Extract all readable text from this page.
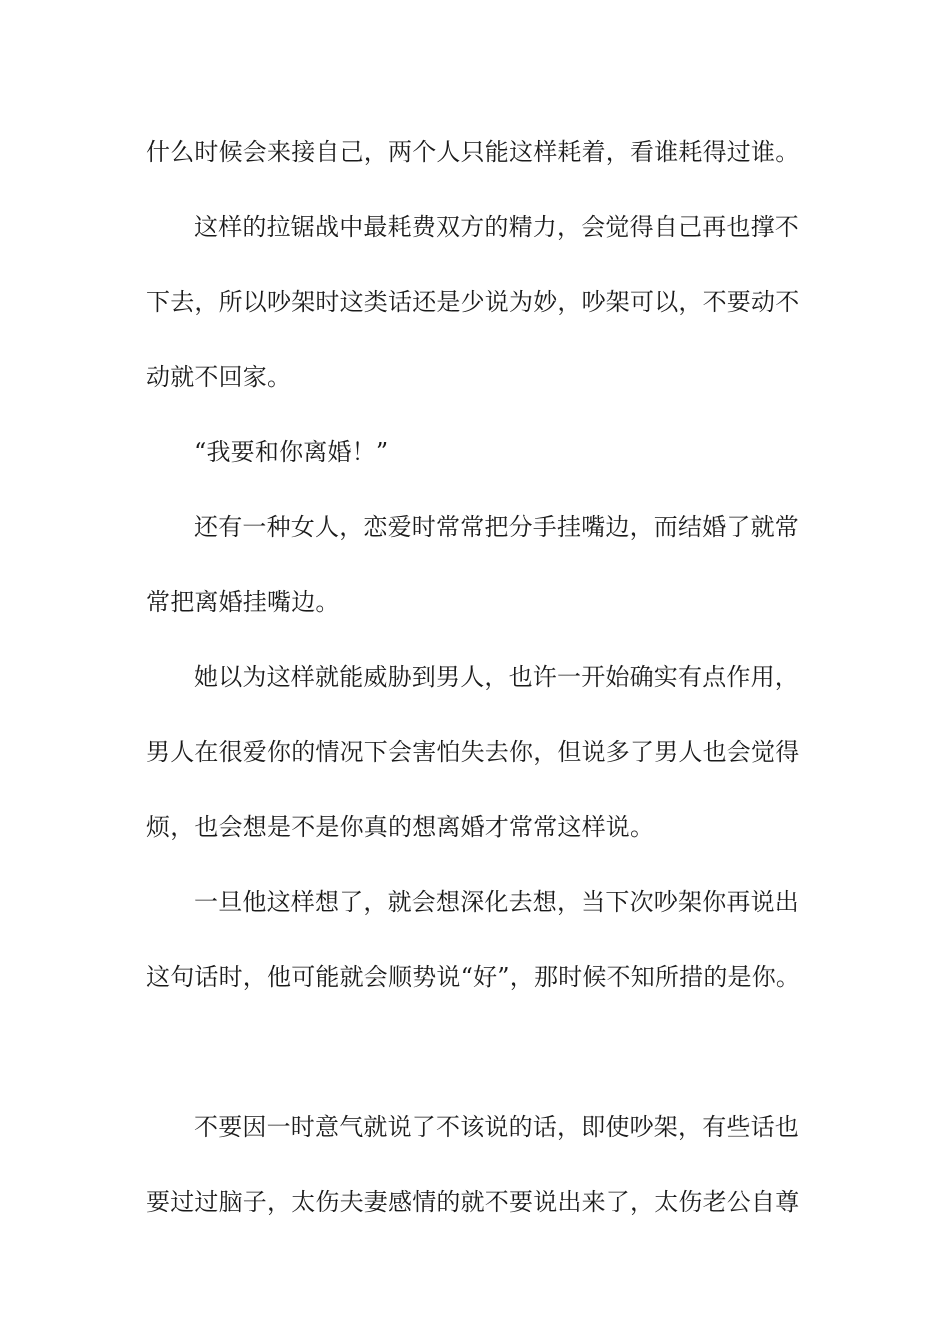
什么时候会来接自己，两个人只能这样耗着，看谁耗得过谁。
这样的拉锯战中最耗费双方的精力，会觉得自己再也撑不
下去，所以吵架时这类话还是少说为妙，吵架可以，不要动不
动就不回家。
“我要和你离婚！”
还有一种女人，恋爱时常常把分手挂嘴边，而结婚了就常
常把离婚挂嘴边。
她以为这样就能威胁到男人，也许一开始确实有点作用，
男人在很爱你的情况下会害怕失去你，但说多了男人也会觉得
烦，也会想是不是你真的想离婚才常常这样说。
一旦他这样想了，就会想深化去想，当下次吵架你再说出
这句话时，他可能就会顺势说“好”，那时候不知所措的是你。
不要因一时意气就说了不该说的话，即使吵架，有些话也
要过过脑子，太伤夫妻感情的就不要说出来了，太伤老公自尊
